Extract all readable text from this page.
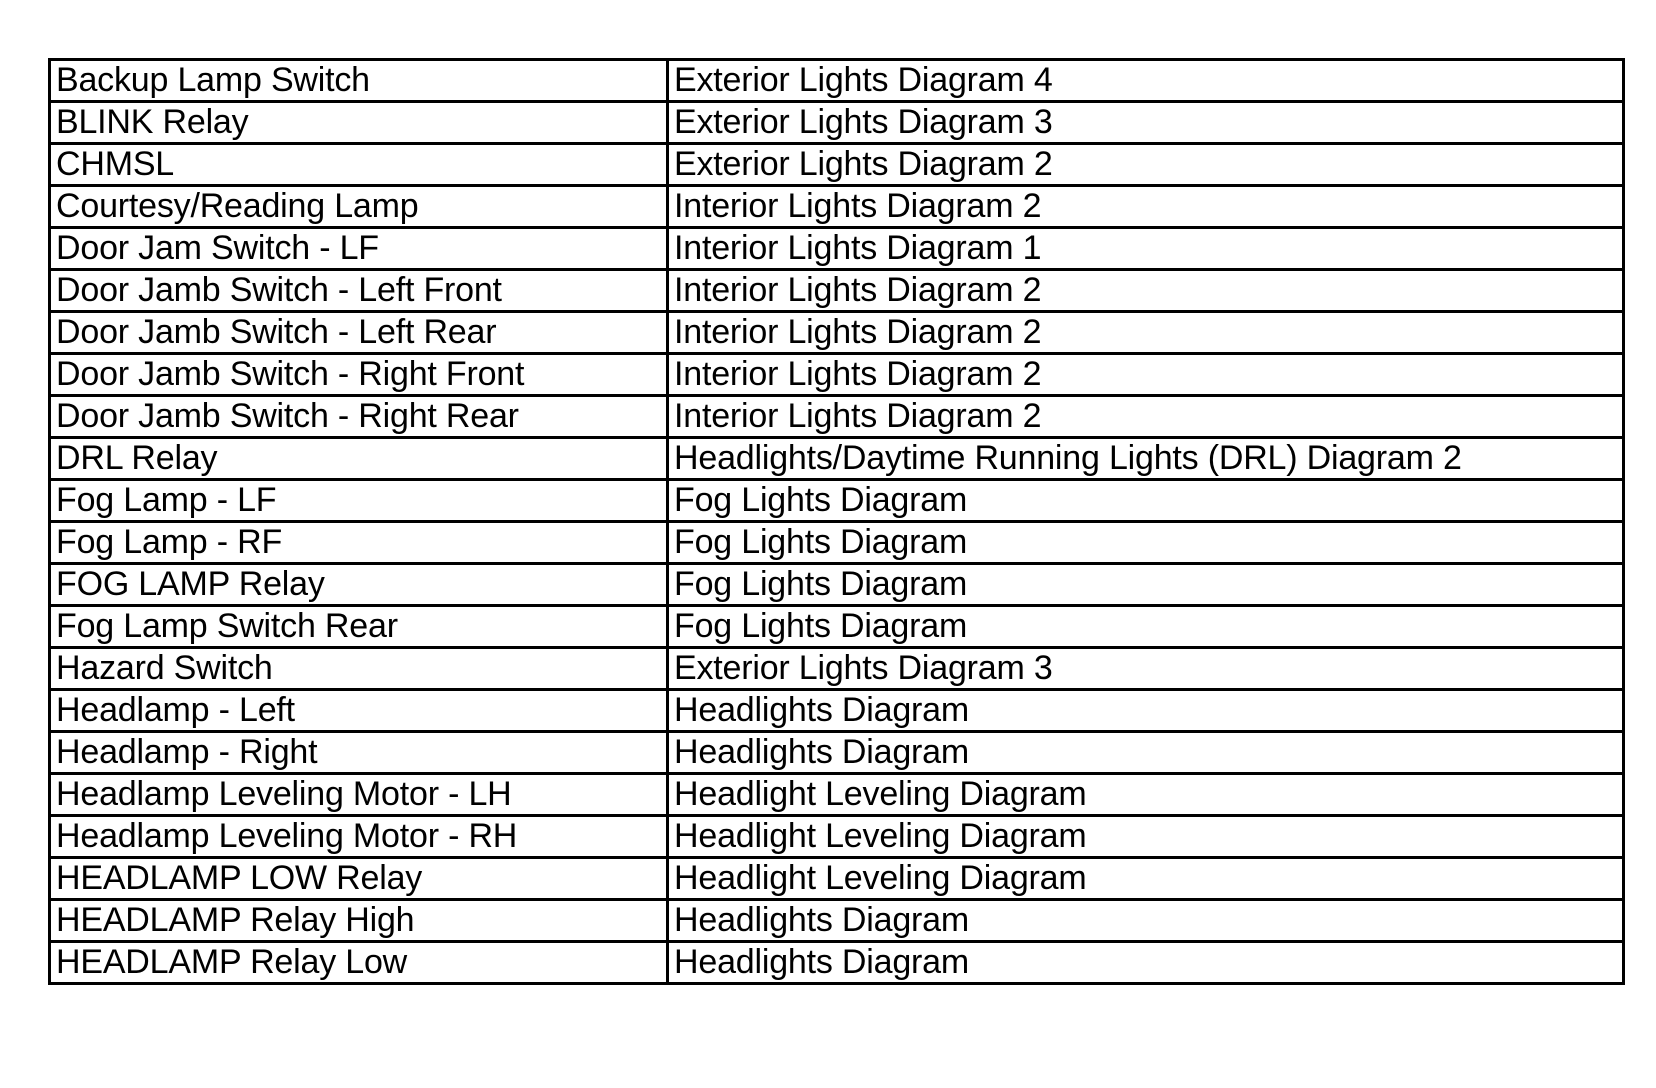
Backup Lamp Switch	Exterior Lights Diagram 4
BLINK Relay	Exterior Lights Diagram 3
CHMSL	Exterior Lights Diagram 2
Courtesy/Reading Lamp	Interior Lights Diagram 2
Door Jam Switch - LF	Interior Lights Diagram 1
Door Jamb Switch - Left Front	Interior Lights Diagram 2
Door Jamb Switch - Left Rear	Interior Lights Diagram 2
Door Jamb Switch - Right Front	Interior Lights Diagram 2
Door Jamb Switch - Right Rear	Interior Lights Diagram 2
DRL Relay	Headlights/Daytime Running Lights (DRL) Diagram 2
Fog Lamp - LF	Fog Lights Diagram
Fog Lamp - RF	Fog Lights Diagram
FOG LAMP Relay	Fog Lights Diagram
Fog Lamp Switch Rear	Fog Lights Diagram
Hazard Switch	Exterior Lights Diagram 3
Headlamp - Left	Headlights Diagram
Headlamp - Right	Headlights Diagram
Headlamp Leveling Motor - LH	Headlight Leveling Diagram
Headlamp Leveling Motor - RH	Headlight Leveling Diagram
HEADLAMP LOW Relay	Headlight Leveling Diagram
HEADLAMP Relay High	Headlights Diagram
HEADLAMP Relay Low	Headlights Diagram
